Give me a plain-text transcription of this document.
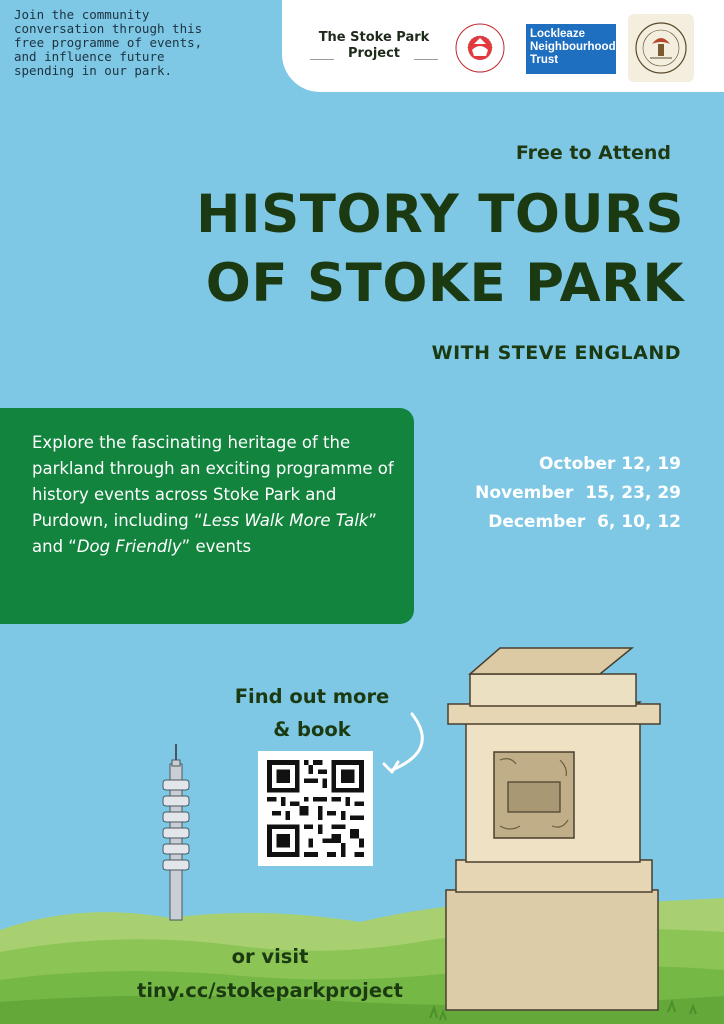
Join the community
conversation through this
free programme of events,
and influence future
spending in our park.
The Stoke Park
Project
Lockleaze
Neighbourhood
Trust
Free to Attend
HISTORY TOURS
OF STOKE PARK
WITH STEVE ENGLAND
Explore the fascinating heritage of the parkland through an exciting programme of history events across Stoke Park and Purdown, including “Less Walk More Talk” and “Dog Friendly” events
October 12, 19
November  15, 23, 29
December  6, 10, 12
Find out more
& book
or visit
tiny.cc/stokeparkproject
